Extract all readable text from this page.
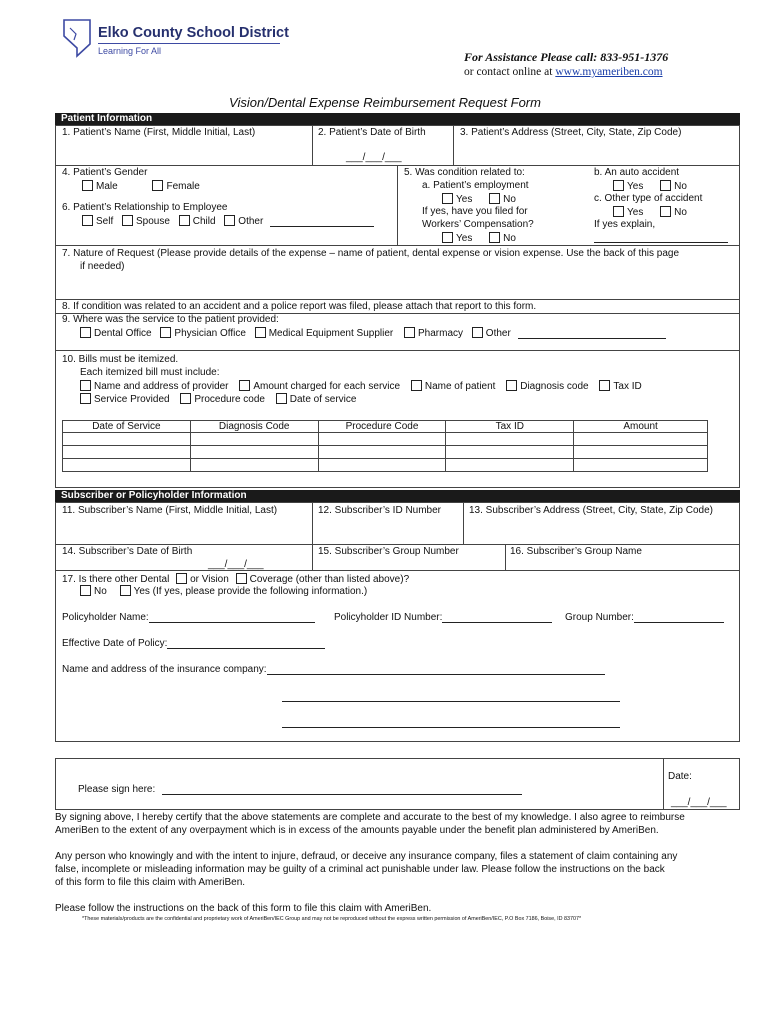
Elko County School District
Learning For All	For Assistance Please call: 833-951-1376
or contact online at www.myameriben.com
Vision/Dental Expense Reimbursement Request Form
Patient Information
1. Patient’s Name (First, Middle Initial, Last)	2. Patient’s Date of Birth
___/___/___
3. Patient’s Address (Street, City, State, Zip Code)
4. Patient’s Gender
Male	Female
6. Patient’s Relationship to Employee
Self Spouse Child Other
5. Was condition related to:
a. Patient’s employment
Yes	No
If yes, have you filed for
Workers’ Compensation?
Yes	No
b. An auto accident
Yes	No
c. Other type of accident
Yes	No
If yes explain,
7. Nature of Request (Please provide details of the expense – name of patient, dental expense or vision expense. Use the back of this page
if needed)
8. If condition was related to an accident and a police report was filed, please attach that report to this form.
9. Where was the service to the patient provided:
Dental Office Physician Office Medical Equipment Supplier Pharmacy Other
10. Bills must be itemized.
Each itemized bill must include:
Name and address of provider Amount charged for each service Name of patient Diagnosis code Tax ID
Service Provided Procedure code Date of service
Date of Service	Diagnosis Code	Procedure Code	Tax ID	Amount

Subscriber or Policyholder Information
11. Subscriber’s Name (First, Middle Initial, Last)	12. Subscriber’s ID Number	13. Subscriber’s Address (Street, City, State, Zip Code)
14. Subscriber’s Date of Birth
___/___/___
15. Subscriber’s Group Number	16. Subscriber’s Group Name
17. Is there other Dental or Vision Coverage (other than listed above)?
No	Yes (If yes, please provide the following information.)
Policyholder Name:	Policyholder ID Number:	Group Number:
Effective Date of Policy:
Name and address of the insurance company:
Please sign here:
Date:
___/___/___
By signing above, I hereby certify that the above statements are complete and accurate to the best of my knowledge. I also agree to reimburse
AmeriBen to the extent of any overpayment which is in excess of the amounts payable under the benefit plan administered by AmeriBen.
Any person who knowingly and with the intent to injure, defraud, or deceive any insurance company, files a statement of claim containing any
false, incomplete or misleading information may be guilty of a criminal act punishable under law. Please follow the instructions on the back
of this form to file this claim with AmeriBen.
Please follow the instructions on the back of this form to file this claim with AmeriBen.
*These materials/products are the confidential and proprietary work of AmeriBen/IEC Group and may not be reproduced without the express written permission of AmeriBen/IEC, P.O Box 7186, Boise, ID 83707*
